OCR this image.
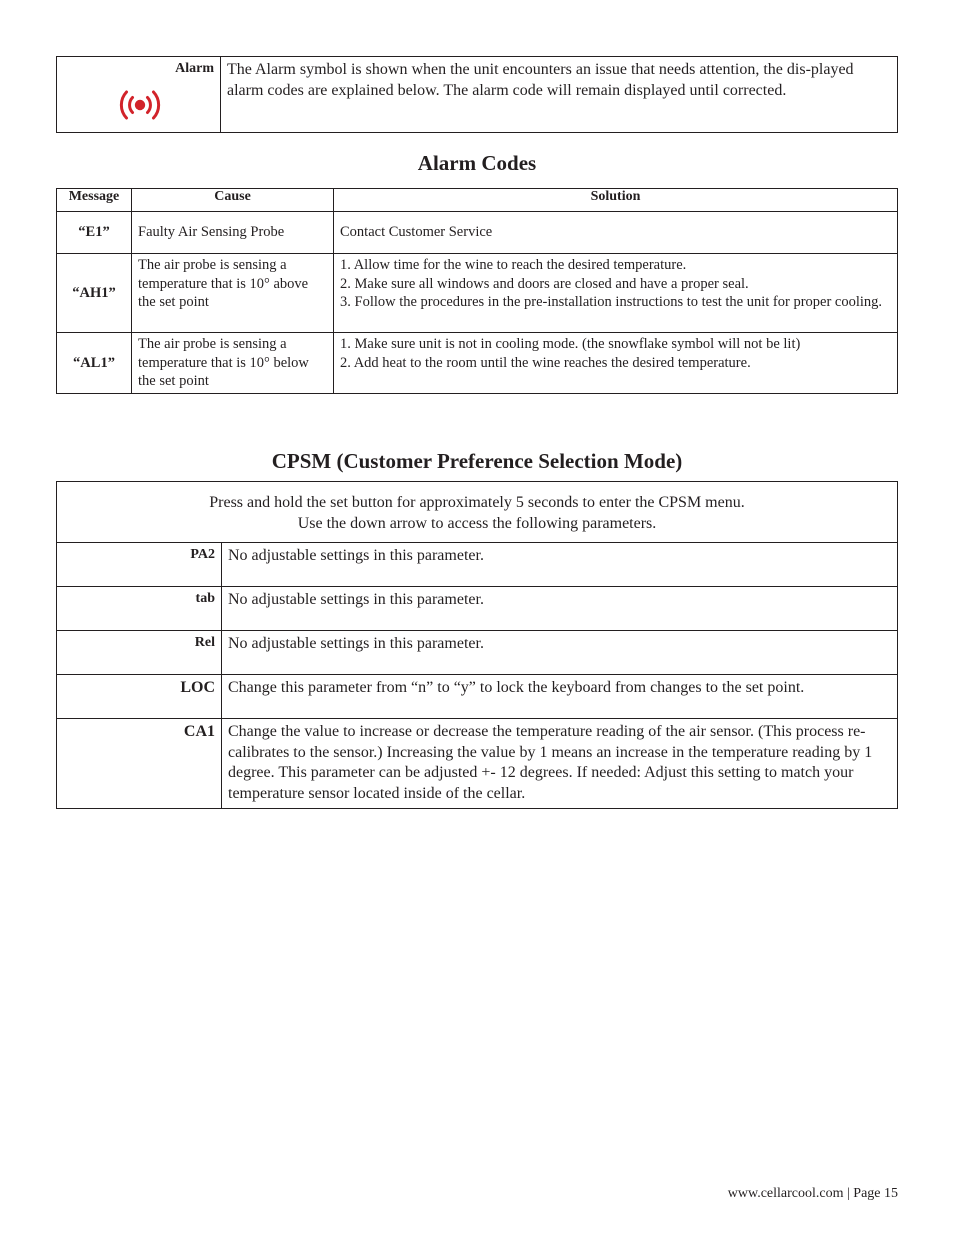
Alarm	The Alarm symbol is shown when the unit encounters an issue that needs attention, the dis-played alarm codes are explained below. The alarm code will remain displayed until corrected.
Alarm Codes
Message	Cause	Solution
“E1”	Faulty Air Sensing Probe	Contact Customer Service

“AH1”	The air probe is sensing a temperature that is 10° above the set point	1. Allow time for the wine to reach the desired temperature.
2. Make sure all windows and doors are closed and have a proper seal.
3. Follow the procedures in the pre-installation instructions to test the unit for proper cooling.

“AL1”	The air probe is sensing a temperature that is 10° below the set point	1. Make sure unit is not in cooling mode. (the snowflake symbol will not be lit)
2. Add heat to the room until the wine reaches the desired temperature.
CPSM (Customer Preference Selection Mode)
Press and hold the set button for approximately 5 seconds to enter the CPSM menu.
Use the down arrow to access the following parameters.	

PA2	No adjustable settings in this parameter.
tab	No adjustable settings in this parameter.
Rel	No adjustable settings in this parameter.
LOC	Change this parameter from “n” to “y” to lock the keyboard from changes to the set point.
CA1	Change the value to increase or decrease the temperature reading of the air sensor. (This process re-calibrates to the sensor.) Increasing the value by 1 means an increase in the temperature reading by 1 degree. This parameter can be adjusted +- 12 degrees. If needed: Adjust this setting to match your temperature sensor located inside of the cellar.
www.cellarcool.com | Page 15
